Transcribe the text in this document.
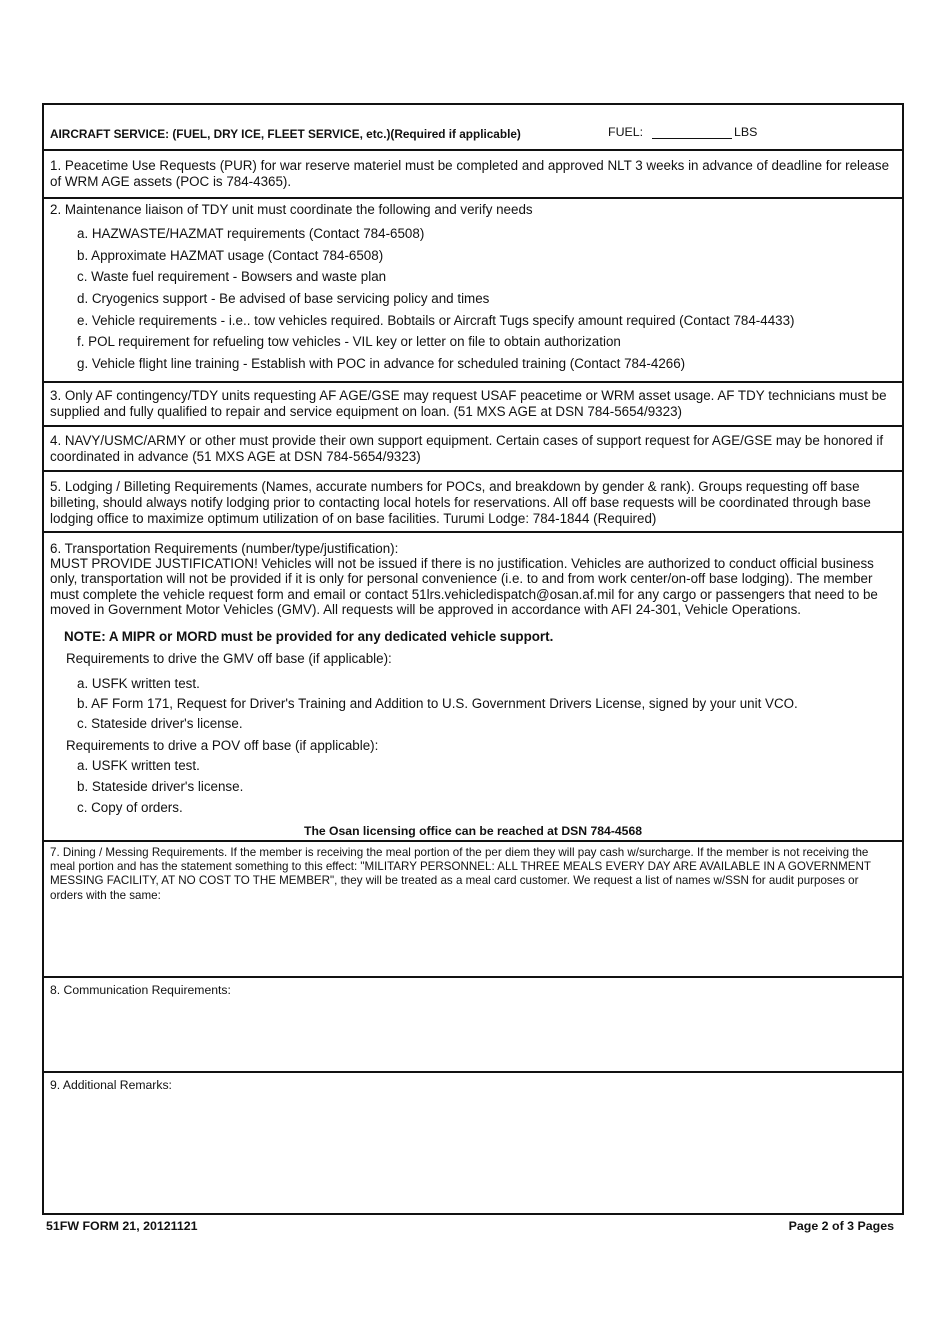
AIRCRAFT SERVICE: (FUEL, DRY ICE, FLEET SERVICE, etc.)(Required if applicable)	FUEL:	LBS
1. Peacetime Use Requests (PUR) for war reserve materiel must be completed and approved NLT 3 weeks in advance of deadline for release of WRM AGE assets (POC is 784-4365).
2. Maintenance liaison of TDY unit must coordinate the following and verify needs
a. HAZWASTE/HAZMAT requirements (Contact 784-6508)
b. Approximate HAZMAT usage (Contact 784-6508)
c. Waste fuel requirement - Bowsers and waste plan
d. Cryogenics support - Be advised of base servicing policy and times
e. Vehicle requirements - i.e.. tow vehicles required. Bobtails or Aircraft Tugs specify amount required (Contact 784-4433)
f. POL requirement for refueling tow vehicles - VIL key or letter on file to obtain authorization
g. Vehicle flight line training - Establish with POC in advance for scheduled training (Contact 784-4266)
3. Only AF contingency/TDY units requesting AF AGE/GSE may request USAF peacetime or WRM asset usage. AF TDY technicians must be supplied and fully qualified to repair and service equipment on loan. (51 MXS AGE at DSN 784-5654/9323)
4. NAVY/USMC/ARMY or other must provide their own support equipment. Certain cases of support request for AGE/GSE may be honored if coordinated in advance (51 MXS AGE at DSN 784-5654/9323)
5. Lodging / Billeting Requirements (Names, accurate numbers for POCs, and breakdown by gender & rank). Groups requesting off base billeting, should always notify lodging prior to contacting local hotels for reservations. All off base requests will be coordinated through base lodging office to maximize optimum utilization of on base facilities. Turumi Lodge: 784-1844 (Required)
6. Transportation Requirements (number/type/justification):
MUST PROVIDE JUSTIFICATION! Vehicles will not be issued if there is no justification. Vehicles are authorized to conduct official business only, transportation will not be provided if it is only for personal convenience (i.e. to and from work center/on-off base lodging). The member must complete the vehicle request form and email or contact 51lrs.vehicledispatch@osan.af.mil for any cargo or passengers that need to be moved in Government Motor Vehicles (GMV). All requests will be approved in accordance with AFI 24-301, Vehicle Operations.
NOTE: A MIPR or MORD must be provided for any dedicated vehicle support.
Requirements to drive the GMV off base (if applicable):
a. USFK written test.
b. AF Form 171, Request for Driver's Training and Addition to U.S. Government Drivers License, signed by your unit VCO.
c. Stateside driver's license.
Requirements to drive a POV off base (if applicable):
a. USFK written test.
b. Stateside driver's license.
c. Copy of orders.
The Osan licensing office can be reached at DSN 784-4568
7. Dining / Messing Requirements. If the member is receiving the meal portion of the per diem they will pay cash w/surcharge. If the member is not receiving the meal portion and has the statement something to this effect: "MILITARY PERSONNEL: ALL THREE MEALS EVERY DAY ARE AVAILABLE IN A GOVERNMENT MESSING FACILITY, AT NO COST TO THE MEMBER", they will be treated as a meal card customer. We request a list of names w/SSN for audit purposes or orders with the same:
8. Communication Requirements:
9. Additional Remarks:
51FW FORM 21, 20121121	Page 2 of 3 Pages
